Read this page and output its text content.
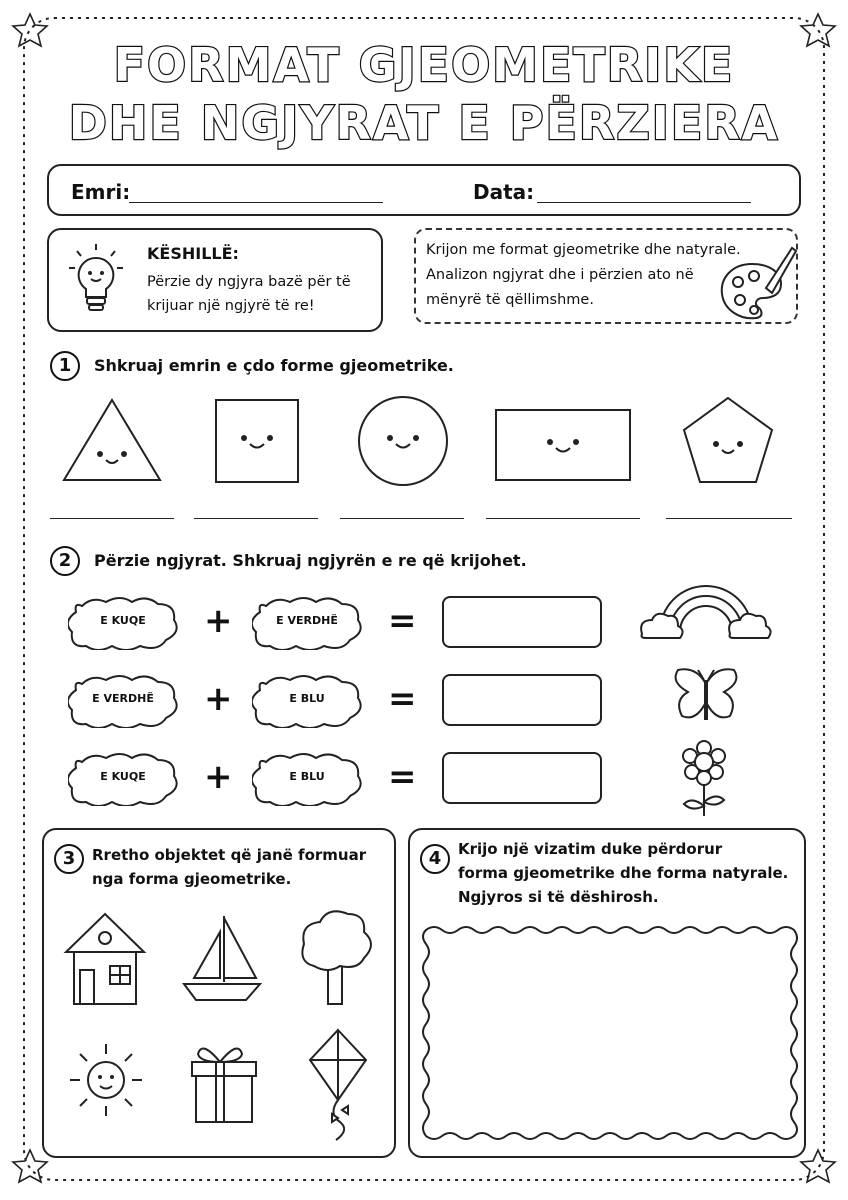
FORMAT GJEOMETRIKE
DHE NGJYRAT E PËRZIERA
Emri:	Data:
KËSHILLË:
Përzie dy ngjyra bazë për të
krijuar një ngjyrë të re!
Krijon me format gjeometrike dhe natyrale.
Analizon ngjyrat dhe i përzien ato në
mënyrë të qëllimshme.
1	Shkruaj emrin e çdo forme gjeometrike.
2	Përzie ngjyrat. Shkruaj ngjyrën e re që krijohet.
E KUQE	+	E VERDHË	=
E VERDHË	+	E BLU	=
E KUQE	+	E BLU	=
3	Rretho objektet që janë formuar
nga forma gjeometrike.
4	Krijo një vizatim duke përdorur
forma gjeometrike dhe forma natyrale.
Ngjyros si të dëshirosh.
